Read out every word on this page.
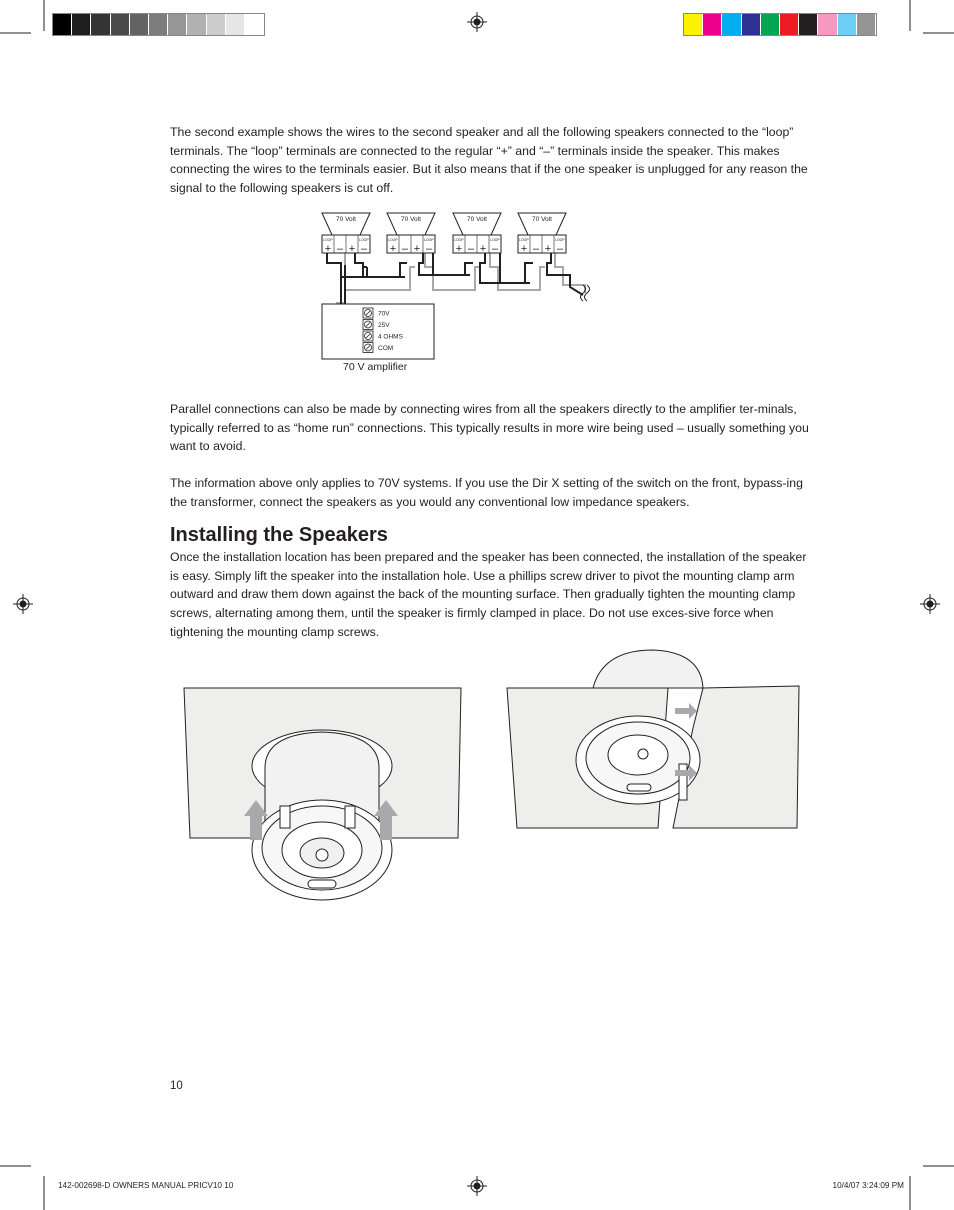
The second example shows the wires to the second speaker and all the following speakers connected to the “loop” terminals. The “loop” terminals are connected to the regular “+” and “–” terminals inside the speaker. This makes connecting the wires to the terminals easier. But it also means that if the one speaker is unplugged for any reason the signal to the following speakers is cut off.

70 Volt
LOOP	LOOP
+ – + –
70 Volt
LOOP	LOOP
+ – + –
70 Volt
LOOP	LOOP
+ – + –
70 Volt
LOOP	LOOP
+ – + –
70V
25V
4 OHMS
COM
70 V amplifier

Parallel connections can also be made by connecting wires from all the speakers directly to the amplifier ter-minals, typically referred to as “home run” connections. This typically results in more wire being used – usually something you want to avoid.

The information above only applies to 70V systems. If you use the Dir X setting of the switch on the front, bypass-ing the transformer, connect the speakers as you would any conventional low impedance speakers.

Installing the Speakers

Once the installation location has been prepared and the speaker has been connected, the installation of the speaker is easy. Simply lift the speaker into the installation hole. Use a phillips screw driver to pivot the mounting clamp arm outward and draw them down against the back of the mounting surface. Then gradually tighten the mounting clamp screws, alternating among them, until the speaker is firmly clamped in place. Do not use exces-sive force when tightening the mounting clamp screws.

10
142-002698-D OWNERS MANUAL PRICV10 10	10/4/07 3:24:09 PM
